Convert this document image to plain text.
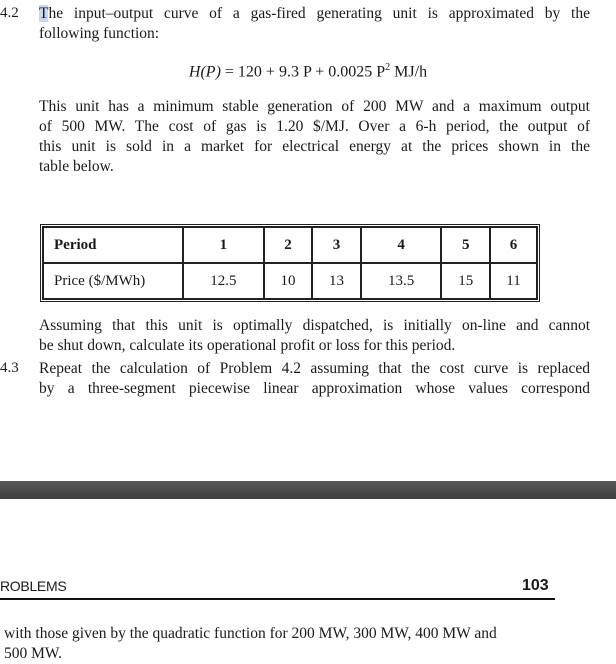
4.2 The input–output curve of a gas-fired generating unit is approximated by the
following function:
H(P) = 120 + 9.3 P + 0.0025 $P^2$ MJ/h
This unit has a minimum stable generation of 200 MW and a maximum output
of 500 MW. The cost of gas is 1.20 $/MJ. Over a 6-h period, the output of
this unit is sold in a market for electrical energy at the prices shown in the
table below.
Period	1	2	3	4	5	6
Price ($/MWh)	12.5	10	13	13.5	15	11
Assuming that this unit is optimally dispatched, is initially on-line and cannot
be shut down, calculate its operational profit or loss for this period.
4.3 Repeat the calculation of Problem 4.2 assuming that the cost curve is replaced
by a three-segment piecewise linear approximation whose values correspond
ROBLEMS	103
with those given by the quadratic function for 200 MW, 300 MW, 400 MW and
500 MW.
